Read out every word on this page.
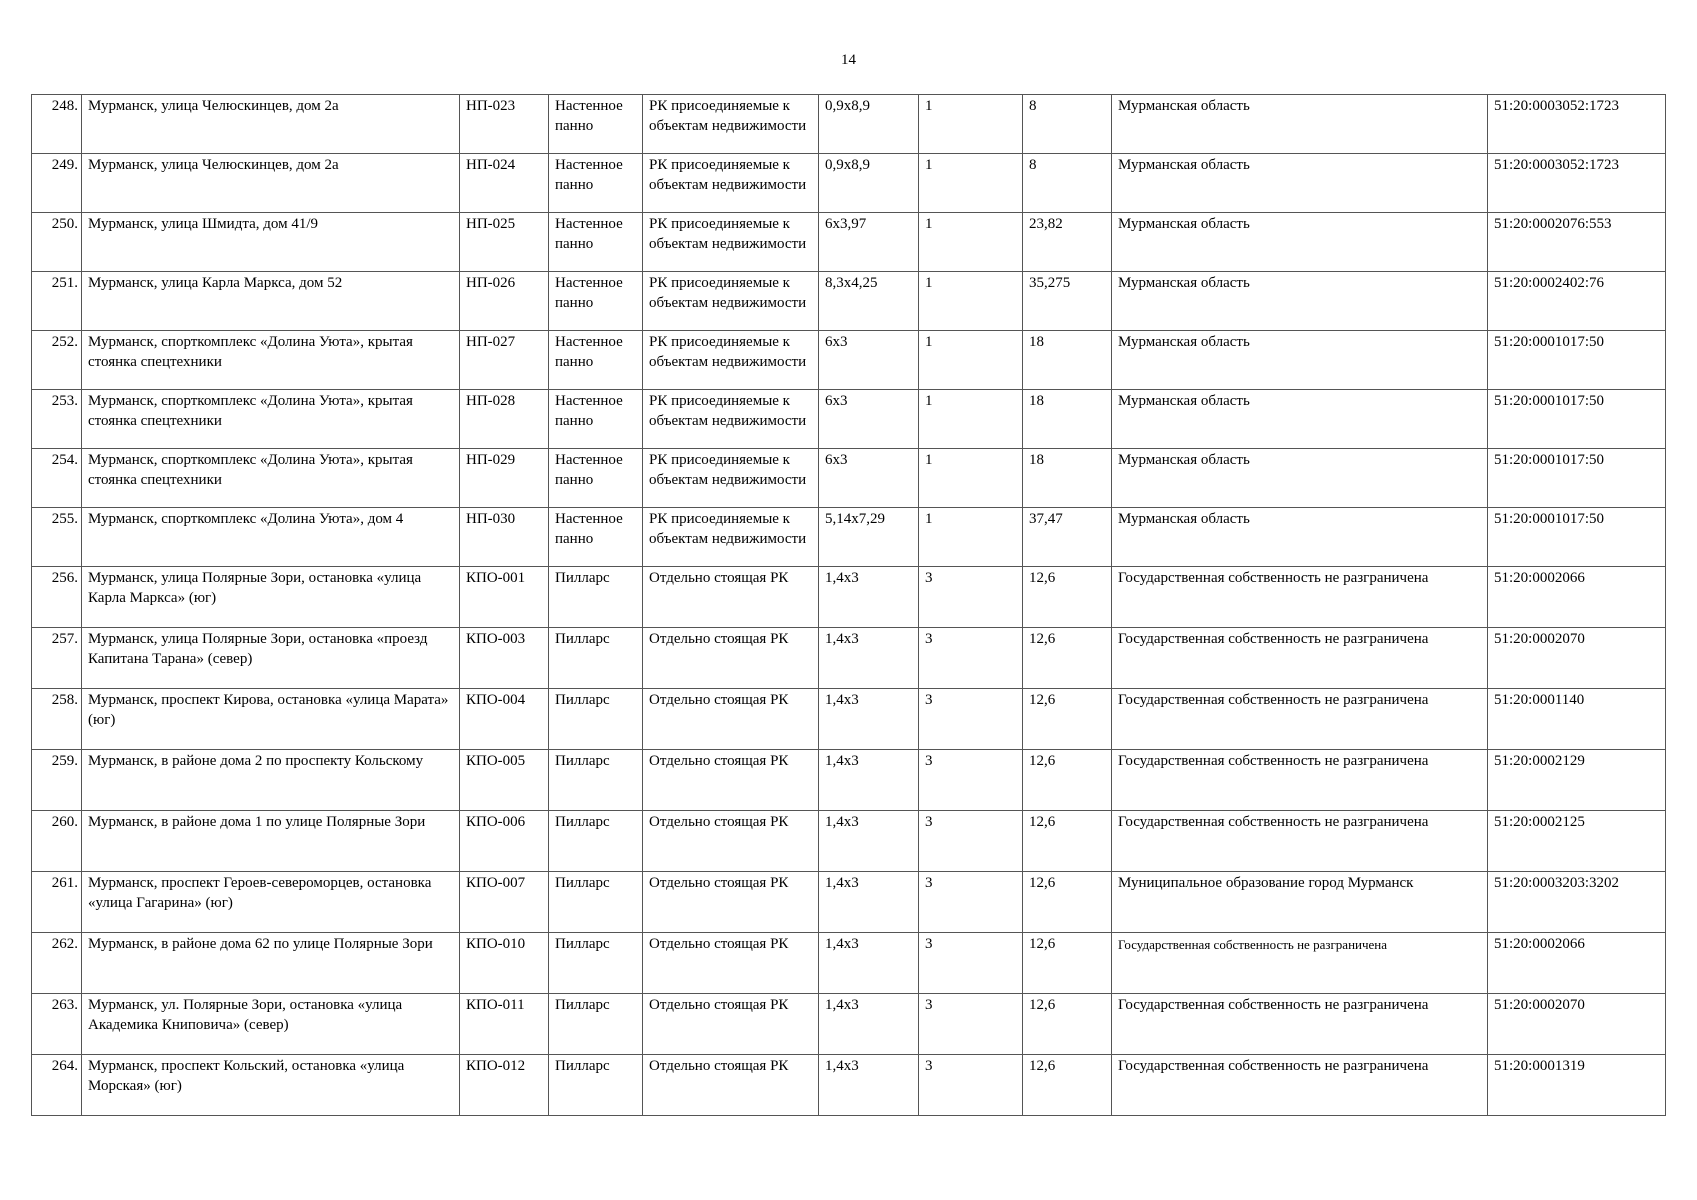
14
248.	Мурманск, улица Челюскинцев, дом 2а	НП-023	Настенное панно	РК присоединяемые к объектам недвижимости	0,9х8,9	1	8	Мурманская область	51:20:0003052:1723
249.	Мурманск, улица Челюскинцев, дом 2а	НП-024	Настенное панно	РК присоединяемые к объектам недвижимости	0,9х8,9	1	8	Мурманская область	51:20:0003052:1723
250.	Мурманск, улица Шмидта, дом 41/9	НП-025	Настенное панно	РК присоединяемые к объектам недвижимости	6х3,97	1	23,82	Мурманская область	51:20:0002076:553
251.	Мурманск, улица Карла Маркса, дом 52	НП-026	Настенное панно	РК присоединяемые к объектам недвижимости	8,3х4,25	1	35,275	Мурманская область	51:20:0002402:76
252.	Мурманск, спорткомплекс «Долина Уюта», крытая стоянка спецтехники	НП-027	Настенное панно	РК присоединяемые к объектам недвижимости	6х3	1	18	Мурманская область	51:20:0001017:50
253.	Мурманск, спорткомплекс «Долина Уюта», крытая стоянка спецтехники	НП-028	Настенное панно	РК присоединяемые к объектам недвижимости	6х3	1	18	Мурманская область	51:20:0001017:50
254.	Мурманск, спорткомплекс «Долина Уюта», крытая стоянка спецтехники	НП-029	Настенное панно	РК присоединяемые к объектам недвижимости	6х3	1	18	Мурманская область	51:20:0001017:50
255.	Мурманск, спорткомплекс «Долина Уюта», дом 4	НП-030	Настенное панно	РК присоединяемые к объектам недвижимости	5,14х7,29	1	37,47	Мурманская область	51:20:0001017:50
256.	Мурманск, улица Полярные Зори, остановка «улица Карла Маркса» (юг)	КПО-001	Пилларс	Отдельно стоящая РК	1,4х3	3	12,6	Государственная собственность не разграничена	51:20:0002066
257.	Мурманск, улица Полярные Зори, остановка «проезд Капитана Тарана» (север)	КПО-003	Пилларс	Отдельно стоящая РК	1,4х3	3	12,6	Государственная собственность не разграничена	51:20:0002070
258.	Мурманск, проспект Кирова, остановка «улица Марата» (юг)	КПО-004	Пилларс	Отдельно стоящая РК	1,4х3	3	12,6	Государственная собственность не разграничена	51:20:0001140
259.	Мурманск, в районе дома 2 по проспекту Кольскому	КПО-005	Пилларс	Отдельно стоящая РК	1,4х3	3	12,6	Государственная собственность не разграничена	51:20:0002129
260.	Мурманск, в районе дома 1 по улице Полярные Зори	КПО-006	Пилларс	Отдельно стоящая РК	1,4х3	3	12,6	Государственная собственность не разграничена	51:20:0002125
261.	Мурманск, проспект Героев-североморцев, остановка «улица Гагарина» (юг)	КПО-007	Пилларс	Отдельно стоящая РК	1,4х3	3	12,6	Муниципальное образование город Мурманск	51:20:0003203:3202
262.	Мурманск, в районе дома 62 по улице Полярные Зори	КПО-010	Пилларс	Отдельно стоящая РК	1,4х3	3	12,6	Государственная собственность не разграничена	51:20:0002066
263.	Мурманск, ул. Полярные Зори, остановка «улица Академика Книповича» (север)	КПО-011	Пилларс	Отдельно стоящая РК	1,4х3	3	12,6	Государственная собственность не разграничена	51:20:0002070
264.	Мурманск, проспект Кольский, остановка «улица Морская» (юг)	КПО-012	Пилларс	Отдельно стоящая РК	1,4х3	3	12,6	Государственная собственность не разграничена	51:20:0001319
